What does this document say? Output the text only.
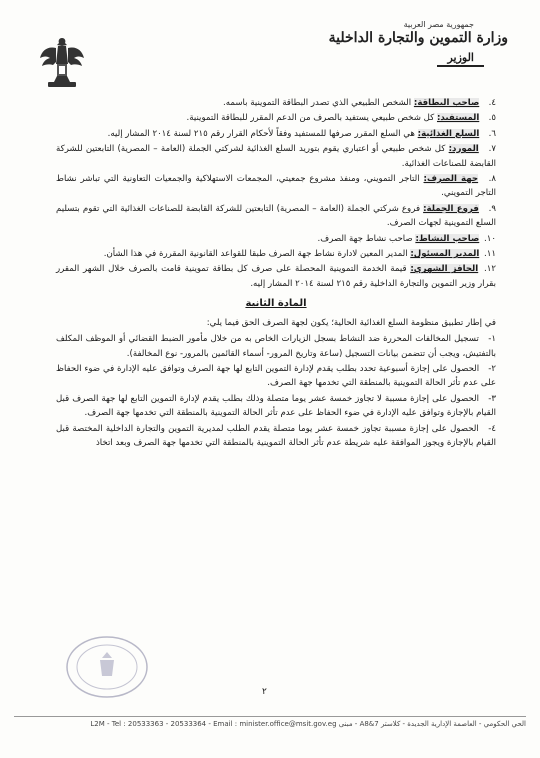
جمهورية مصر العربية
وزارة التموين والتجارة الداخلية
الوزير
٤. صاحب البطاقة: الشخص الطبيعي الذي تصدر البطاقة التموينية باسمه.
٥. المستفيد: كل شخص طبيعي يستفيد بالصرف من الدعم المقرر للبطاقة التموينية.
٦. السلع الغذائية: هي السلع المقرر صرفها للمستفيد وفقاً لأحكام القرار رقم ٢١٥ لسنة ٢٠١٤ المشار إليه.
٧. المورد: كل شخص طبيعي أو اعتباري يقوم بتوريد السلع الغذائية لشركتي الجملة (العامة – المصرية) التابعتين للشركة القابضة للصناعات الغذائية.
٨. جهة الصرف: التاجر التمويني، ومنفذ مشروع جمعيتي، المجمعات الاستهلاكية والجمعيات التعاونية التي تباشر نشاط التاجر التمويني.
٩. فروع الجملة: فروع شركتي الجملة (العامة – المصرية) التابعتين للشركة القابضة للصناعات الغذائية التي تقوم بتسليم السلع التموينية لجهات الصرف.
١٠. صاحب النشاط: صاحب نشاط جهة الصرف.
١١. المدير المسئول: المدير المعين لادارة نشاط جهة الصرف طبقا للقواعد القانونية المقررة في هذا الشأن.
١٢. الحافز الشهري: قيمة الخدمة التموينية المحصلة على صرف كل بطاقة تموينية قامت بالصرف خلال الشهر المقرر بقرار وزير التموين والتجارة الداخلية رقم ٢١٥ لسنة ٢٠١٤ المشار إليه.
المادة الثانية
في إطار تطبيق منظومة السلع الغذائية الحالية؛ يكون لجهة الصرف الحق فيما يلي:
١- تسجيل المخالفات المحررة ضد النشاط بسجل الزيارات الخاص به من خلال مأمور الضبط القضائي أو الموظف المكلف بالتفتيش، ويجب أن تتضمن بيانات التسجيل (ساعة وتاريخ المرور- أسماء القائمين بالمرور- نوع المخالفة).
٢- الحصول على إجازة أسبوعية تحدد بطلب يقدم لإدارة التموين التابع لها جهة الصرف وتوافق عليه الإدارة في ضوء الحفاظ على عدم تأثر الحالة التموينية بالمنطقة التي تخدمها جهة الصرف.
٣- الحصول على إجازة مسببة لا تجاوز خمسة عشر يوما متصلة وذلك بطلب يقدم لإدارة التموين التابع لها جهة الصرف قبل القيام بالإجازة وتوافق عليه الإدارة في ضوء الحفاظ على عدم تأثر الحالة التموينية بالمنطقة التي تخدمها جهة الصرف.
٤- الحصول على إجازة مسببة تجاوز خمسة عشر يوما متصلة يقدم الطلب لمديرية التموين والتجارة الداخلية المختصة قبل القيام بالإجازة ويجوز الموافقة عليه شريطة عدم تأثر الحالة التموينية بالمنطقة التي تخدمها جهة الصرف وبعد اتخاذ
٢
الحي الحكومي - العاصمة الإدارية الجديدة - كلاستر A8&7 - مبنى L2M - Tel : 20533363 - 20533364 - Email : minister.office@msit.gov.eg
